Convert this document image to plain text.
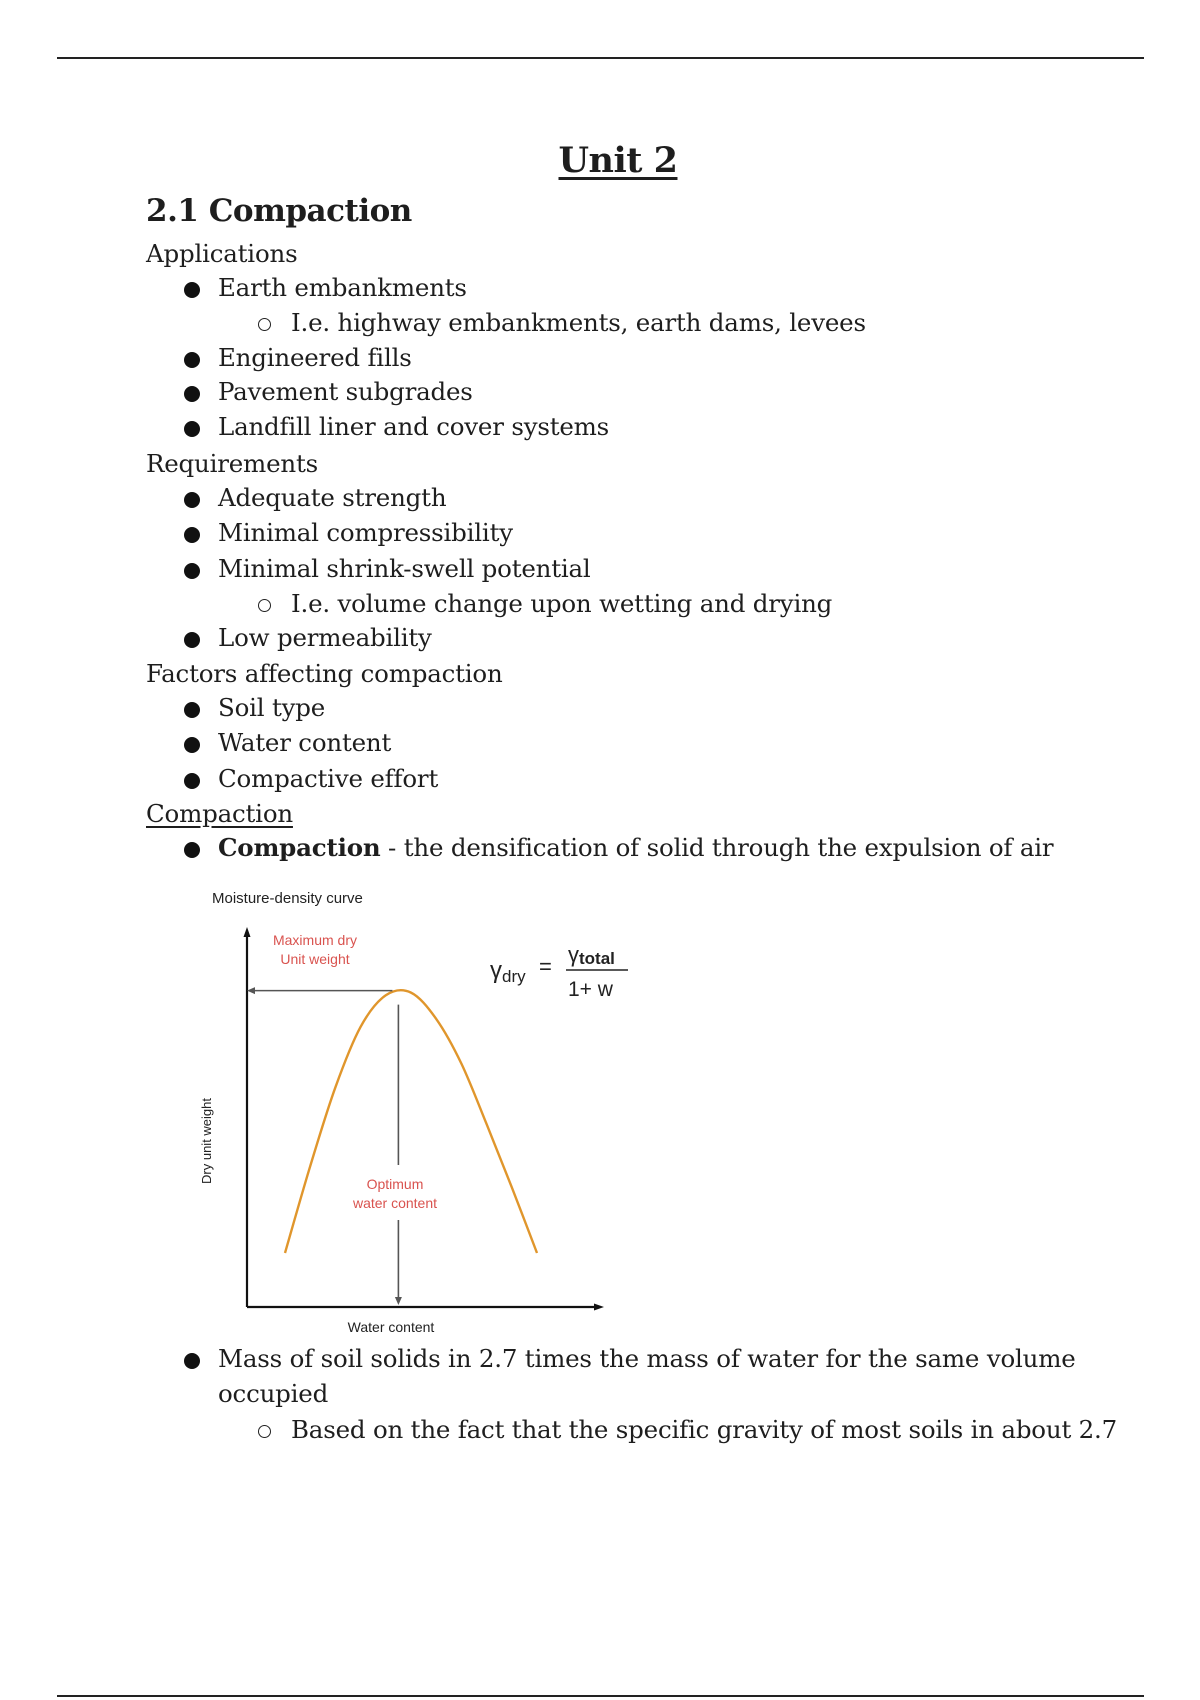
Unit 2
2.1 Compaction
Applications
Earth embankments
I.e. highway embankments, earth dams, levees
Engineered fills
Pavement subgrades
Landfill liner and cover systems
Requirements
Adequate strength
Minimal compressibility
Minimal shrink-swell potential
I.e. volume change upon wetting and drying
Low permeability
Factors affecting compaction
Soil type
Water content
Compactive effort
Compaction
Compaction - the densification of solid through the expulsion of air
Moisture-density curve
Water content
Dry unit weight
Maximum dry
Unit weight
Optimum
water content
γdry = γtotal
1+ w
Mass of soil solids in 2.7 times the mass of water for the same volume
occupied
Based on the fact that the specific gravity of most soils in about 2.7
